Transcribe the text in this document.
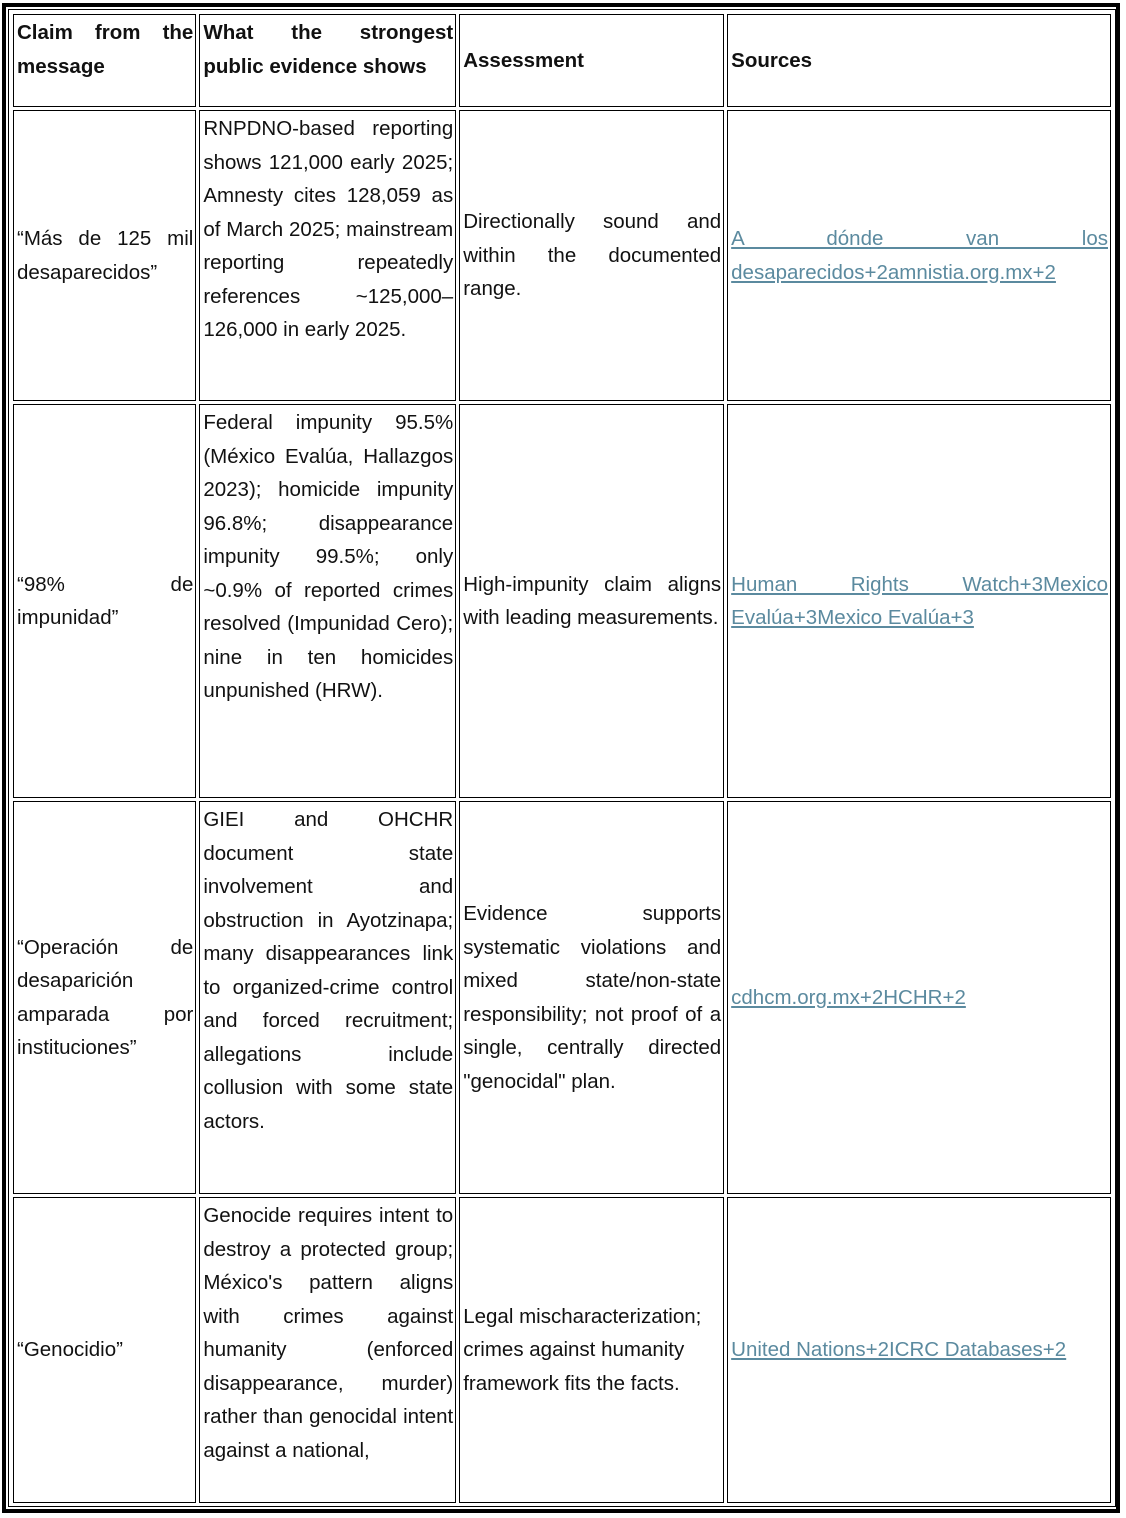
Claim from the message	What the strongest public evidence shows	Assessment	Sources
“Más de 125 mil desaparecidos”	RNPDNO-based reporting shows 121,000 early 2025; Amnesty cites 128,059 as of March 2025; mainstream reporting repeatedly references ~125,000–126,000 in early 2025.	Directionally sound and within the documented range.	A dónde van los desaparecidos+2amnistia.org.mx+2

“98% de impunidad”	Federal impunity 95.5% (México Evalúa, Hallazgos 2023); homicide impunity 96.8%; disappearance impunity 99.5%; only ~0.9% of reported crimes resolved (Impunidad Cero); nine in ten homicides unpunished (HRW).	High-impunity claim aligns with leading measurements.	Human Rights Watch+3Mexico Evalúa+3Mexico Evalúa+3

“Operación de desaparición amparada por instituciones”	GIEI and OHCHR document state involvement and obstruction in Ayotzinapa; many disappearances link to organized-crime control and forced recruitment; allegations include collusion with some state actors.	Evidence supports systematic violations and mixed state/non-state responsibility; not proof of a single, centrally directed "genocidal" plan.	cdhcm.org.mx+2HCHR+2

“Genocidio”	Genocide requires intent to destroy a protected group; México's pattern aligns with crimes against humanity (enforced disappearance, murder) rather than genocidal intent against a national,	Legal mischaracterization; crimes against humanity framework fits the facts.	United Nations+2ICRC Databases+2
